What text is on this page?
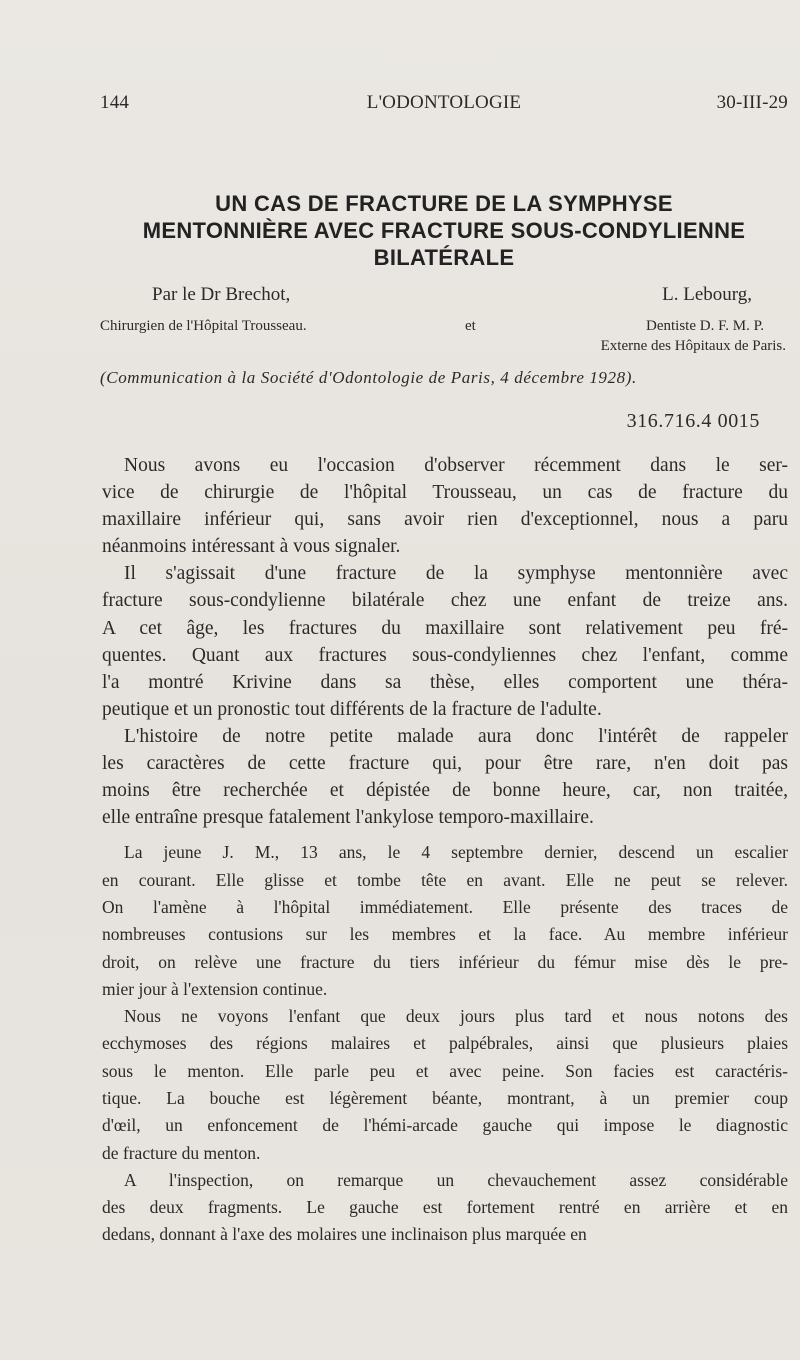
144	L'ODONTOLOGIE	30-III-29
UN CAS DE FRACTURE DE LA SYMPHYSE
MENTONNIÈRE AVEC FRACTURE SOUS-CONDYLIENNE
BILATÉRALE
Par le Dr Brechot,	L. Lebourg,
Chirurgien de l'Hôpital Trousseau.	et	Dentiste D. F. M. P.
Externe des Hôpitaux de Paris.
(Communication à la Société d'Odontologie de Paris, 4 décembre 1928).
316.716.4 0015

Nous avons eu l'occasion d'observer récemment dans le ser-

vice de chirurgie de l'hôpital Trousseau, un cas de fracture du

maxillaire inférieur qui, sans avoir rien d'exceptionnel, nous a paru

néanmoins intéressant à vous signaler.

Il s'agissait d'une fracture de la symphyse mentonnière avec

fracture sous-condylienne bilatérale chez une enfant de treize ans.

A cet âge, les fractures du maxillaire sont relativement peu fré-

quentes. Quant aux fractures sous-condyliennes chez l'enfant, comme

l'a montré Krivine dans sa thèse, elles comportent une théra-

peutique et un pronostic tout différents de la fracture de l'adulte.

L'histoire de notre petite malade aura donc l'intérêt de rappeler

les caractères de cette fracture qui, pour être rare, n'en doit pas

moins être recherchée et dépistée de bonne heure, car, non traitée,

elle entraîne presque fatalement l'ankylose temporo-maxillaire.

La jeune J. M., 13 ans, le 4 septembre dernier, descend un escalier

en courant. Elle glisse et tombe tête en avant. Elle ne peut se relever.

On l'amène à l'hôpital immédiatement. Elle présente des traces de

nombreuses contusions sur les membres et la face. Au membre inférieur

droit, on relève une fracture du tiers inférieur du fémur mise dès le pre-

mier jour à l'extension continue.

Nous ne voyons l'enfant que deux jours plus tard et nous notons des

ecchymoses des régions malaires et palpébrales, ainsi que plusieurs plaies

sous le menton. Elle parle peu et avec peine. Son facies est caractéris-

tique. La bouche est légèrement béante, montrant, à un premier coup

d'œil, un enfoncement de l'hémi-arcade gauche qui impose le diagnostic

de fracture du menton.

A l'inspection, on remarque un chevauchement assez considérable

des deux fragments. Le gauche est fortement rentré en arrière et en

dedans, donnant à l'axe des molaires une inclinaison plus marquée en
